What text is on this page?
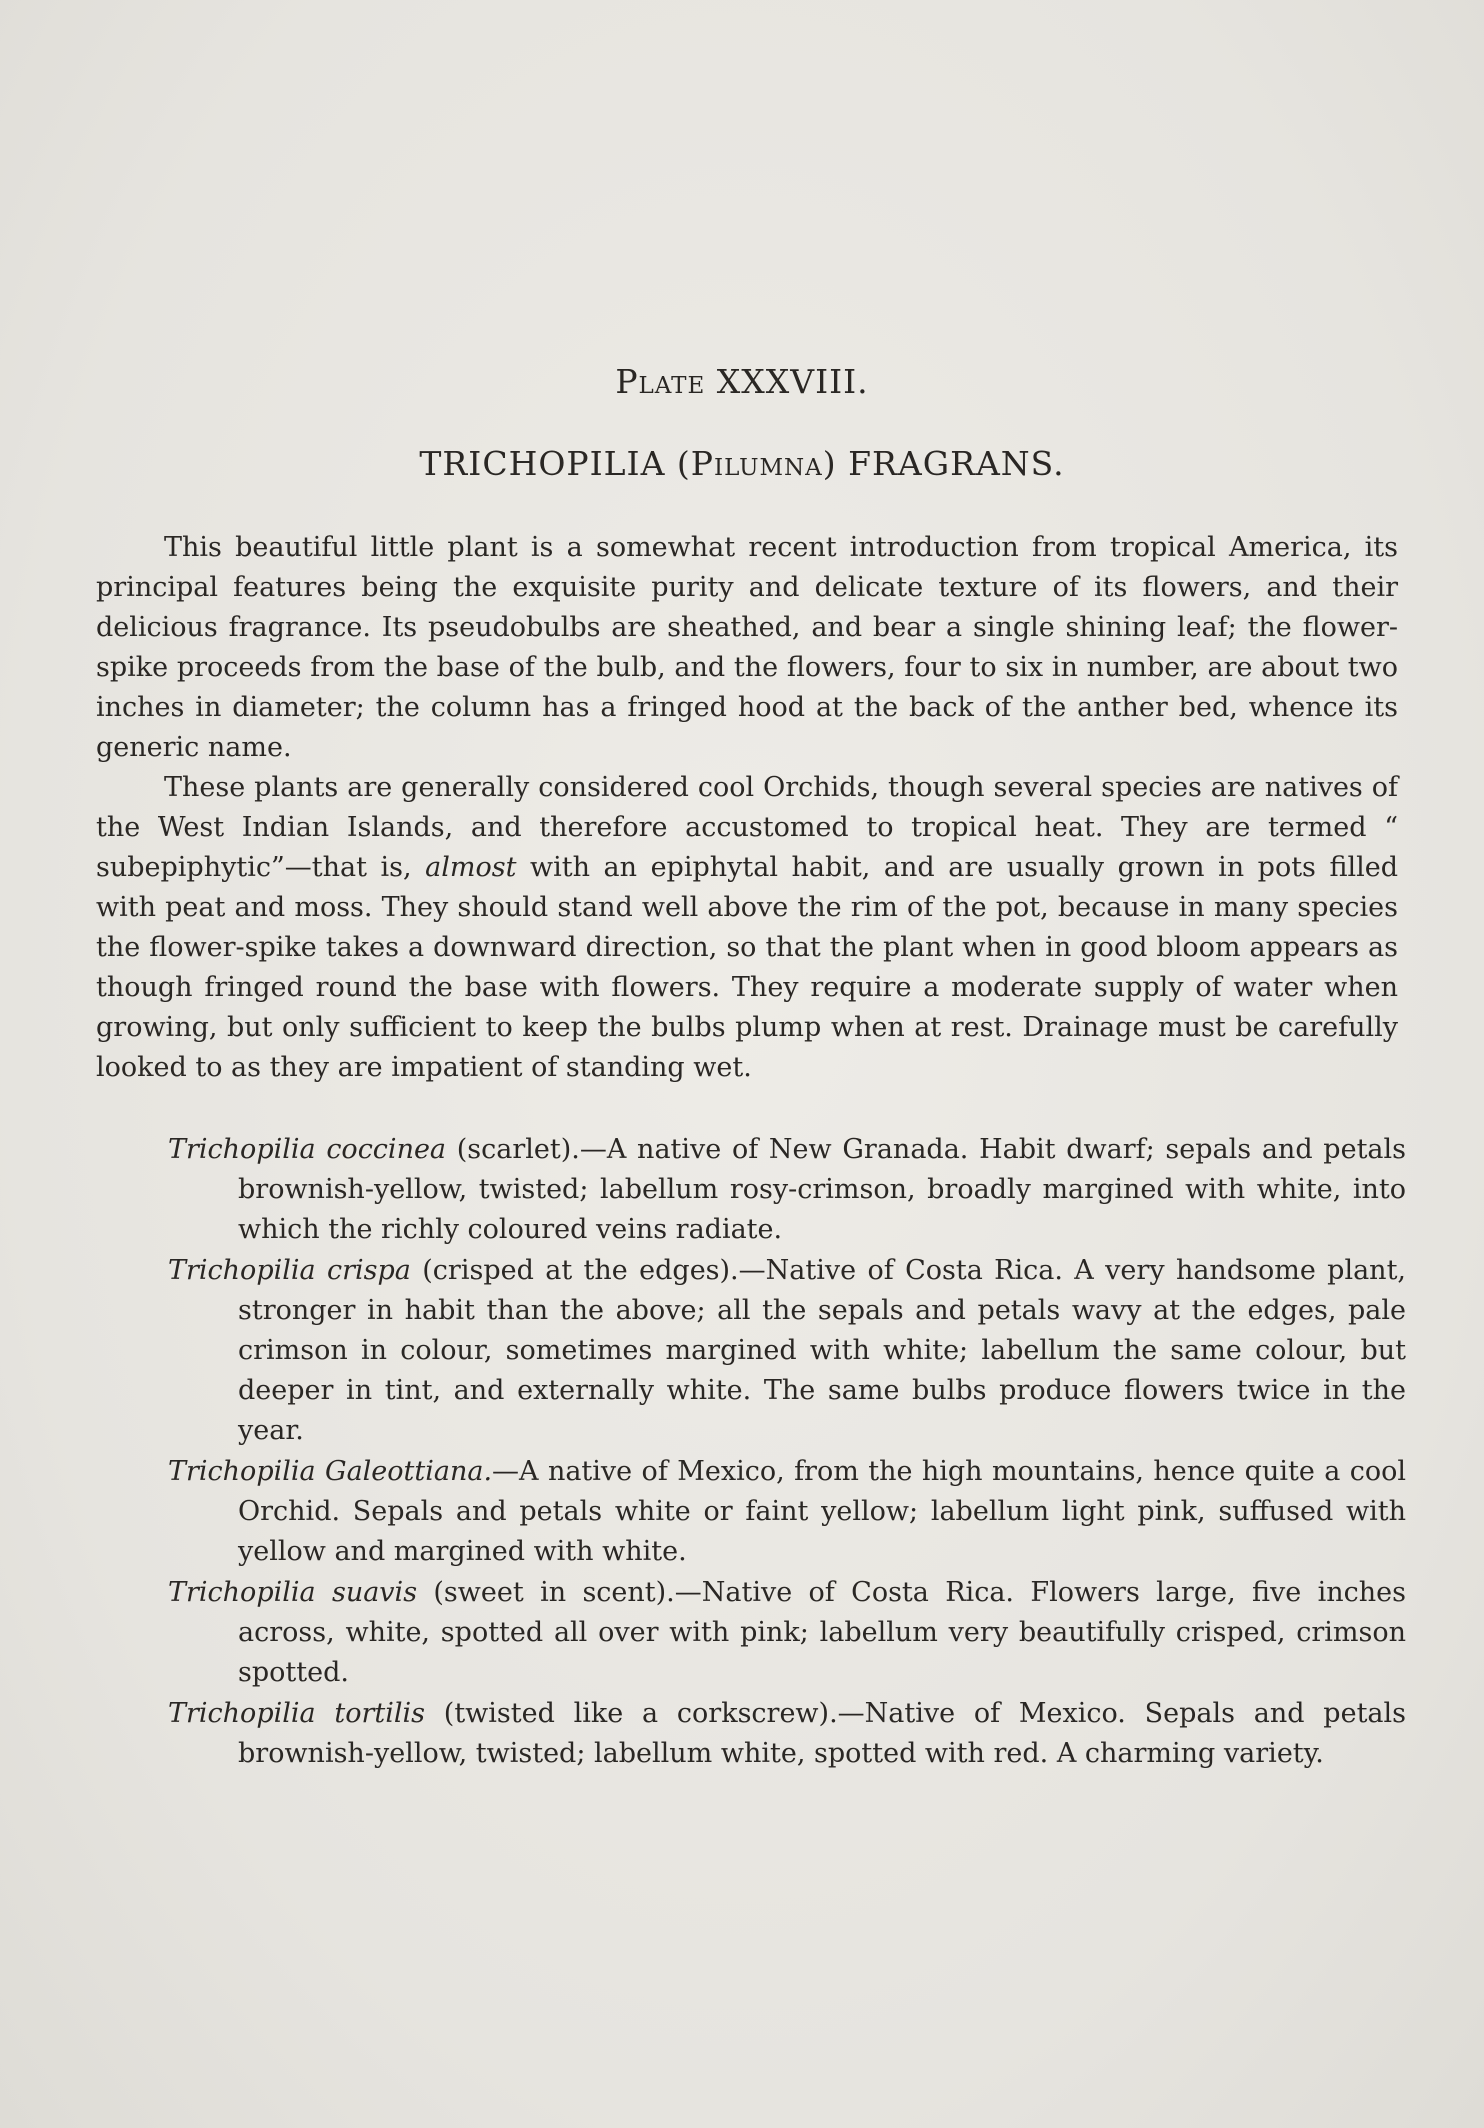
Plate XXXVIII.
TRICHOPILIA (Pilumna) FRAGRANS.

This beautiful little plant is a somewhat recent introduction from tropical America, its principal features being the exquisite purity and delicate texture of its flowers, and their delicious fragrance. Its pseudobulbs are sheathed, and bear a single shining leaf; the flower-spike proceeds from the base of the bulb, and the flowers, four to six in number, are about two inches in diameter; the column has a fringed hood at the back of the anther bed, whence its generic name.

These plants are generally considered cool Orchids, though several species are natives of the West Indian Islands, and therefore accustomed to tropical heat. They are termed “ subepiphytic”—that is, almost with an epiphytal habit, and are usually grown in pots filled with peat and moss. They should stand well above the rim of the pot, because in many species the flower-spike takes a downward direction, so that the plant when in good bloom appears as though fringed round the base with flowers. They require a moderate supply of water when growing, but only sufficient to keep the bulbs plump when at rest. Drainage must be carefully looked to as they are impatient of standing wet.

Trichopilia coccinea (scarlet).—A native of New Granada. Habit dwarf; sepals and petals brownish-yellow, twisted; labellum rosy-crimson, broadly margined with white, into which the richly coloured veins radiate.

Trichopilia crispa (crisped at the edges).—Native of Costa Rica. A very handsome plant, stronger in habit than the above; all the sepals and petals wavy at the edges, pale crimson in colour, sometimes margined with white; labellum the same colour, but deeper in tint, and externally white. The same bulbs produce flowers twice in the year.

Trichopilia Galeottiana.—A native of Mexico, from the high mountains, hence quite a cool Orchid. Sepals and petals white or faint yellow; labellum light pink, suffused with yellow and margined with white.

Trichopilia suavis (sweet in scent).—Native of Costa Rica. Flowers large, five inches across, white, spotted all over with pink; labellum very beautifully crisped, crimson spotted.

Trichopilia tortilis (twisted like a corkscrew).—Native of Mexico. Sepals and petals brownish-yellow, twisted; labellum white, spotted with red. A charming variety.
